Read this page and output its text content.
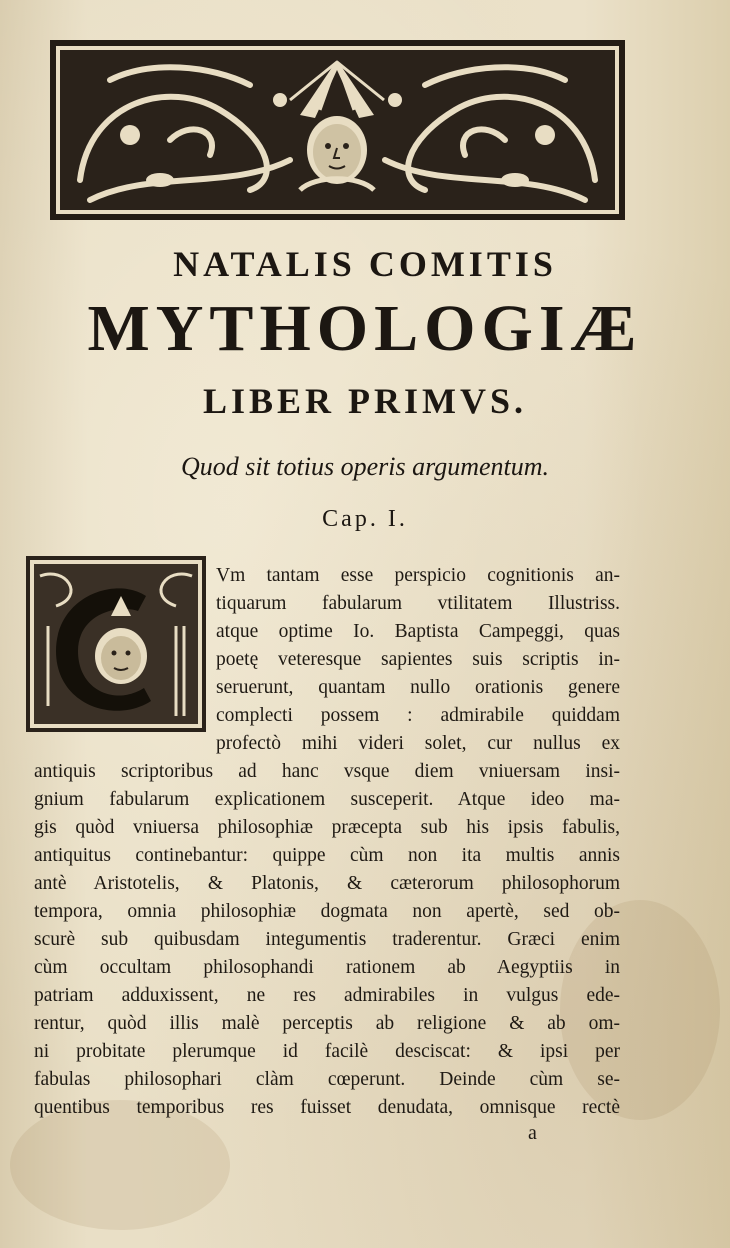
NATALIS COMITIS
MYTHOLOGIÆ
LIBER PRIMVS.

Quod sit totius operis argumentum.

Cap. I.

Vm tantam esse perspicio cognitionis an-

tiquarum fabularum vtilitatem Illustriss.

atque optime Io. Baptista Campeggi, quas

poetę veteresque sapientes suis scriptis in-

seruerunt, quantam nullo orationis genere

complecti possem : admirabile quiddam

profectò mihi videri solet, cur nullus ex

antiquis scriptoribus ad hanc vsque diem vniuersam insi-

gnium fabularum explicationem susceperit. Atque ideo ma-

gis quòd vniuersa philosophiæ præcepta sub his ipsis fabulis,

antiquitus continebantur: quippe cùm non ita multis annis

antè Aristotelis, & Platonis, & cæterorum philosophorum

tempora, omnia philosophiæ dogmata non apertè, sed ob-

scurè sub quibusdam integumentis traderentur. Græci enim

cùm occultam philosophandi rationem ab Aegyptiis in

patriam adduxissent, ne res admirabiles in vulgus ede-

rentur, quòd illis malè perceptis ab religione & ab om-

ni probitate plerumque id facilè desciscat: & ipsi per

fabulas philosophari clàm cœperunt. Deinde cùm se-

quentibus temporibus res fuisset denudata, omnisque rectè

a
